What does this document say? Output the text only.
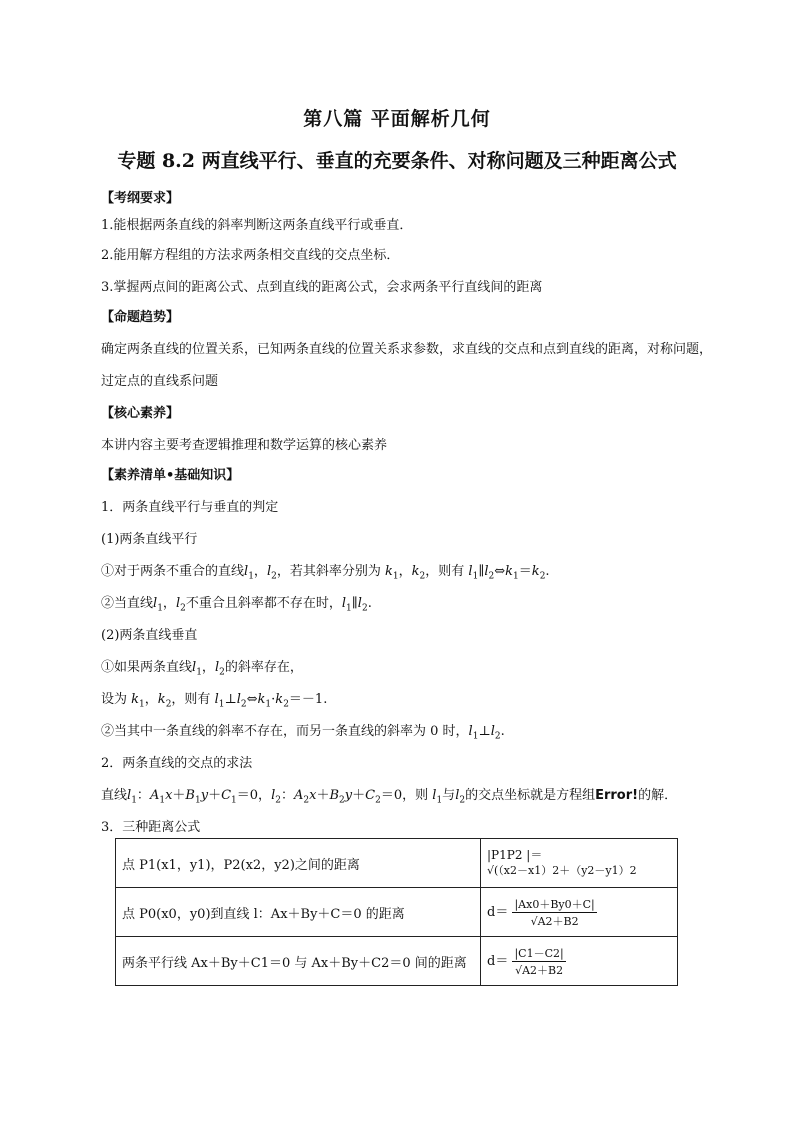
第八篇 平面解析几何
专题 8.2 两直线平行、垂直的充要条件、对称问题及三种距离公式
【考纲要求】
1.能根据两条直线的斜率判断这两条直线平行或垂直．
2.能用解方程组的方法求两条相交直线的交点坐标．
3.掌握两点间的距离公式、点到直线的距离公式，会求两条平行直线间的距离
【命题趋势】
确定两条直线的位置关系，已知两条直线的位置关系求参数，求直线的交点和点到直线的距离，对称问题，
过定点的直线系问题
【核心素养】
本讲内容主要考查逻辑推理和数学运算的核心素养
【素养清单•基础知识】
1．两条直线平行与垂直的判定
(1)两条直线平行
①对于两条不重合的直线$l_1$，$l_2$，若其斜率分别为 $k_1$，$k_2$，则有 $l_1\parallel l_2\Leftrightarrow k_1=k_2$.
②当直线$l_1$，$l_2$不重合且斜率都不存在时，$l_1\parallel l_2$.
(2)两条直线垂直
①如果两条直线$l_1$，$l_2$的斜率存在，
设为 $k_1$，$k_2$，则有 $l_1\perp l_2\Leftrightarrow k_1\cdot k_2=-1$.
②当其中一条直线的斜率不存在，而另一条直线的斜率为 0 时，$l_1\perp l_2$.
2．两条直线的交点的求法
直线$l_1$：$A_1x+B_1y+C_1=0$，$l_2$：$A_2x+B_2y+C_2=0$，则 $l_1$与$l_2$的交点坐标就是方程组Error!的解．
3．三种距离公式
点 P1(x1，y1)，P2(x2，y2)之间的距离	|P1P2 |＝
√(（x2－x1）2＋（y2－y1）2

点 P0(x0，y0)到直线 l：Ax＋By＋C＝0 的距离	$d= \frac{|Ax0+By0+C|}{√A2+B2}$

两条平行线 Ax＋By＋C1＝0 与 Ax＋By＋C2＝0 间的距离	$d= \frac{|C1-C2|}{√A2+B2}$
